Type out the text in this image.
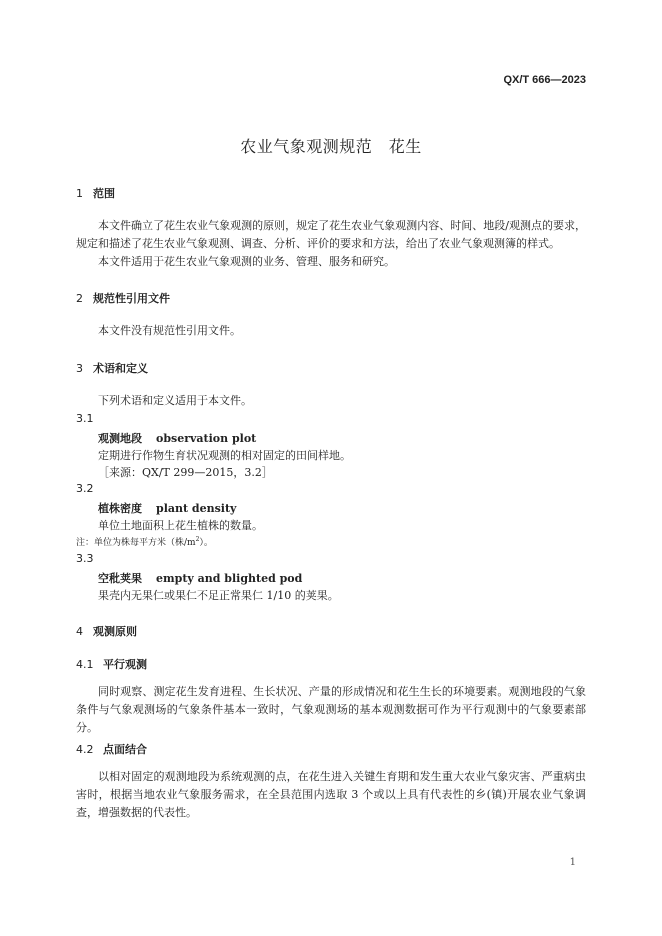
QX/T 666—2023
农业气象观测规范　花生
1 范围
本文件确立了花生农业气象观测的原则，规定了花生农业气象观测内容、时间、地段/观测点的要求，规定和描述了花生农业气象观测、调查、分析、评价的要求和方法，给出了农业气象观测簿的样式。
本文件适用于花生农业气象观测的业务、管理、服务和研究。
2 规范性引用文件
本文件没有规范性引用文件。
3 术语和定义
下列术语和定义适用于本文件。
3.1
观测地段 observation plot
定期进行作物生育状况观测的相对固定的田间样地。
［来源：QX/T 299—2015，3.2］
3.2
植株密度 plant density
单位土地面积上花生植株的数量。
注：单位为株每平方米（株$/m^2$）。
3.3
空秕荚果 empty and blighted pod
果壳内无果仁或果仁不足正常果仁 1/10 的荚果。
4 观测原则
4.1 平行观测
同时观察、测定花生发育进程、生长状况、产量的形成情况和花生生长的环境要素。观测地段的气象条件与气象观测场的气象条件基本一致时，气象观测场的基本观测数据可作为平行观测中的气象要素部分。
4.2 点面结合
以相对固定的观测地段为系统观测的点，在花生进入关键生育期和发生重大农业气象灾害、严重病虫害时，根据当地农业气象服务需求，在全县范围内选取 3 个或以上具有代表性的乡(镇)开展农业气象调查，增强数据的代表性。
1
